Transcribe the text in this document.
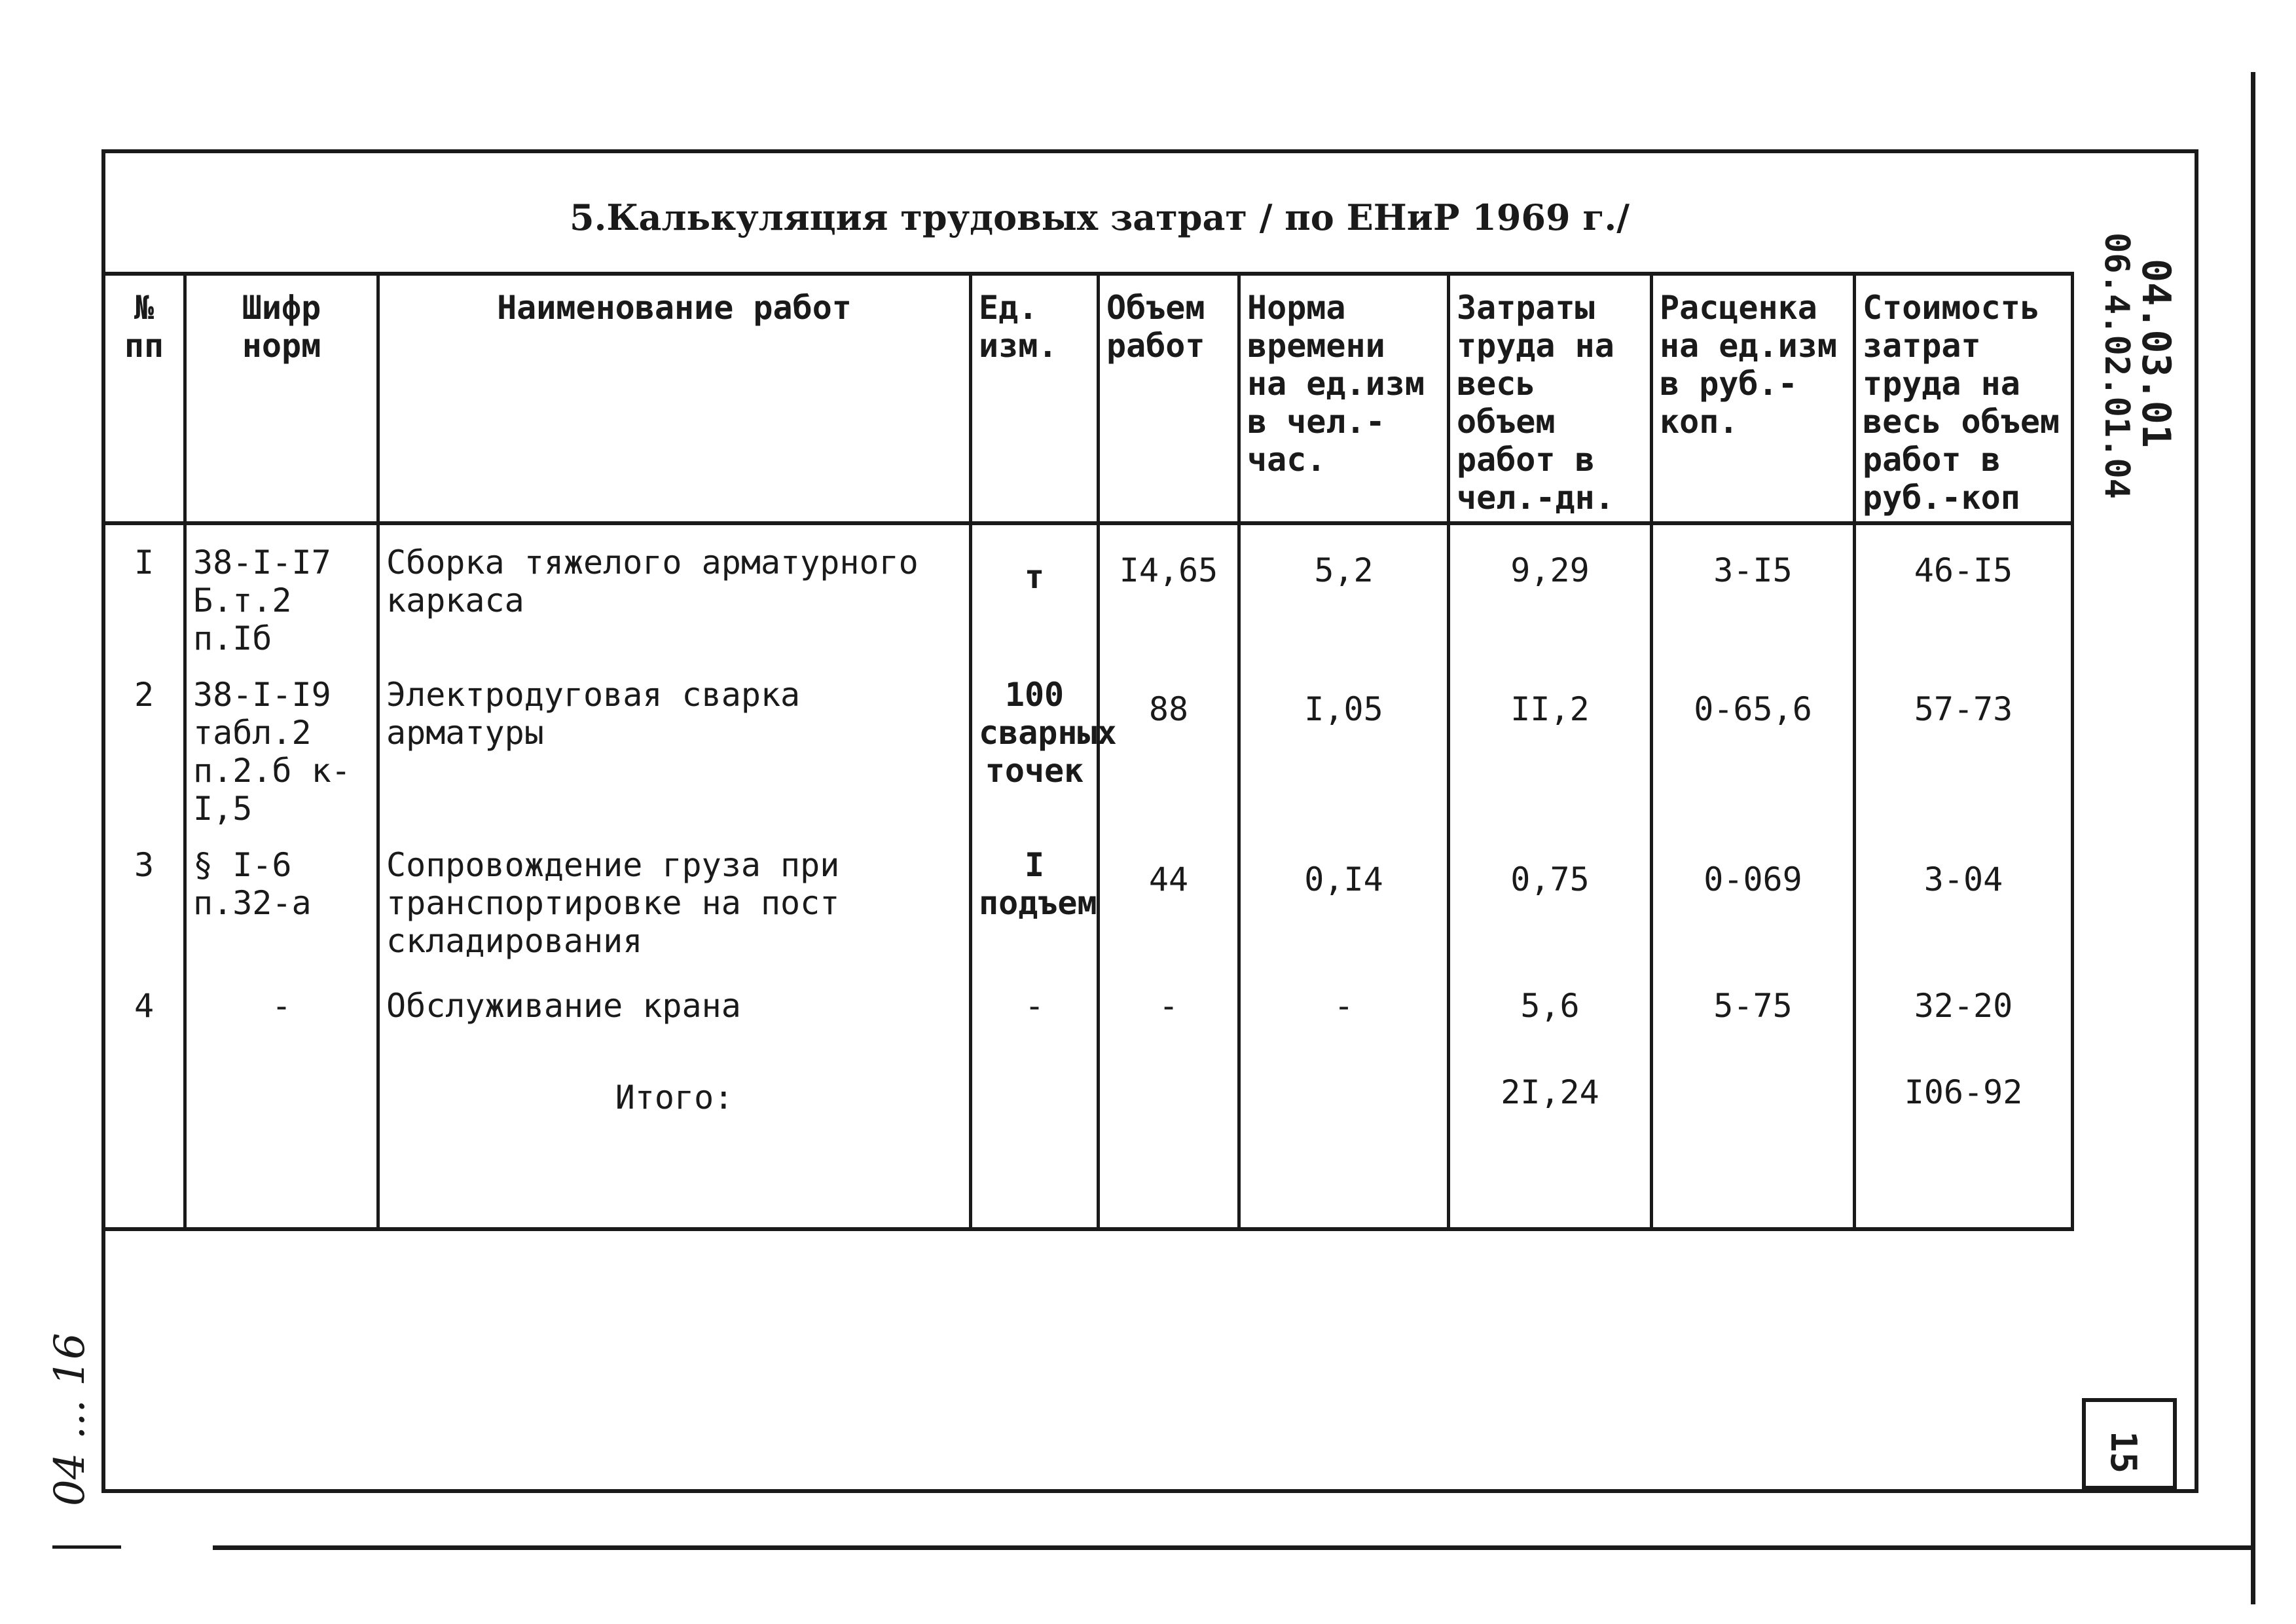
5.Калькуляция трудовых затрат / по ЕНиР 1969 г./
№ пп	Шифр норм	Наименование работ	Ед. изм.	Объем работ	Норма времени на ед.изм в чел.-час.	Затраты труда на весь объем работ в чел.-дн.	Расценка на ед.изм в руб.-коп.	Стоимость затрат труда на весь объем работ в руб.-коп
I	38-I-I7 Б.т.2 п.Iб	Сборка тяжелого арматурного каркаса	т	I4,65	5,2	9,29	3-I5	46-I5
2	38-I-I9 табл.2 п.2.б к-I,5	Электродуговая сварка арматуры	100 сварных точек	88	I,05	II,2	0-65,6	57-73
3	§ I-6 п.32-а	Сопровождение груза при транспортировке на пост складирования	I подъем	44	0,I4	0,75	0-069	3-04
4	-	Обслуживание крана	-	-	-	5,6	5-75	32-20
		Итого:				2I,24		I06-92
04.03.01
06.4.02.01.04
15
04 ... 16
